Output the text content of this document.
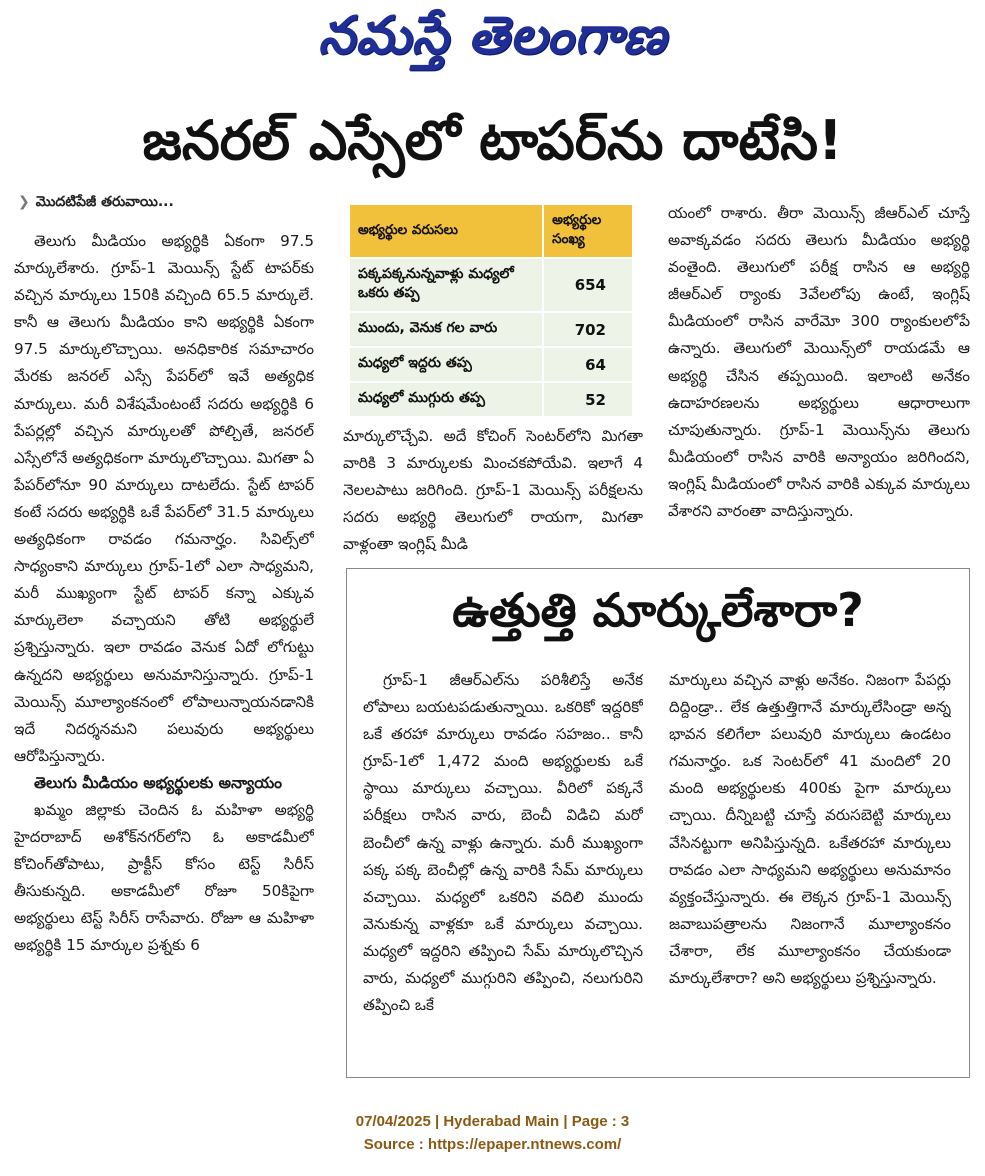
నమస్తే తెలంగాణ
జనరల్ ఎస్సేలో టాపర్‌ను దాటేసి!
❯ మొదటిపేజీ తరువాయి...

తెలుగు మీడియం అభ్యర్థికి ఏకంగా 97.5 మార్కులేశారు. గ్రూప్-1 మెయిన్స్ స్టేట్ టాపర్‌కు వచ్చిన మార్కులు 150కి వచ్చింది 65.5 మార్కులే. కానీ ఆ తెలుగు మీడియం కాని అభ్యర్థికి ఏకంగా 97.5 మార్కులొచ్చాయి. అనధికారిక సమాచారం మేరకు జనరల్ ఎస్సే పేపర్‌లో ఇవే అత్యధిక మార్కులు. మరీ విశేషమేంటంటే సదరు అభ్యర్థికి 6 పేపర్లల్లో వచ్చిన మార్కులతో పోల్చితే, జనరల్ ఎస్సేలోనే అత్యధికంగా మార్కులొచ్చాయి. మిగతా ఏ పేపర్‌లోనూ 90 మార్కులు దాటలేదు. స్టేట్ టాపర్ కంటే సదరు అభ్యర్థికి ఒకే పేపర్‌లో 31.5 మార్కులు అత్యధికంగా రావడం గమనార్హం. సివిల్స్‌లో సాధ్యంకాని మార్కులు గ్రూప్-1లో ఎలా సాధ్యమని, మరీ ముఖ్యంగా స్టేట్ టాపర్ కన్నా ఎక్కువ మార్కులెలా వచ్చాయని తోటి అభ్యర్థులే ప్రశ్నిస్తున్నారు. ఇలా రావడం వెనుక ఏదో లోగుట్టు ఉన్నదని అభ్యర్థులు అనుమానిస్తున్నారు. గ్రూప్-1 మెయిన్స్ మూల్యాంకనంలో లోపాలున్నాయనడానికి ఇదే నిదర్శనమని పలువురు అభ్యర్థులు ఆరోపిస్తున్నారు.

తెలుగు మీడియం అభ్యర్థులకు అన్యాయం

ఖమ్మం జిల్లాకు చెందిన ఓ మహిళా అభ్యర్థి హైదరాబాద్ అశోక్‌నగర్‌లోని ఓ అకాడమీలో కోచింగ్‌తోపాటు, ప్రాక్టీస్ కోసం టెస్ట్ సిరీస్ తీసుకున్నది. అకాడమీలో రోజూ 50కిపైగా అభ్యర్థులు టెస్ట్ సిరీస్ రాసేవారు. రోజూ ఆ మహిళా అభ్యర్థికి 15 మార్కుల ప్రశ్నకు 6

అభ్యర్థుల వరుసలు	అభ్యర్థుల సంఖ్య
పక్కపక్కనున్నవాళ్లు మధ్యలో ఒకరు తప్ప	654
ముందు, వెనుక గల వారు	702
మధ్యలో ఇద్దరు తప్ప	64
మధ్యలో ముగ్గురు తప్ప	52

మార్కులొచ్చేవి. అదే కోచింగ్ సెంటర్‌లోని మిగతా వారికి 3 మార్కులకు మించకపోయేవి. ఇలాగే 4 నెలలపాటు జరిగింది. గ్రూప్-1 మెయిన్స్ పరీక్షలను సదరు అభ్యర్థి తెలుగులో రాయగా, మిగతా వాళ్లంతా ఇంగ్లిష్ మీడి

యంలో రాశారు. తీరా మెయిన్స్ జీఆర్‌ఎల్ చూస్తే అవాక్కవడం సదరు తెలుగు మీడియం అభ్యర్థి వంతైంది. తెలుగులో పరీక్ష రాసిన ఆ అభ్యర్థి జీఆర్‌ఎల్ ర్యాంకు 3వేలలోపు ఉంటే, ఇంగ్లిష్ మీడియంలో రాసిన వారేమో 300 ర్యాంకులలోపే ఉన్నారు. తెలుగులో మెయిన్స్‌లో రాయడమే ఆ అభ్యర్థి చేసిన తప్పయింది. ఇలాంటి అనేకం ఉదాహరణలను అభ్యర్థులు ఆధారాలుగా చూపుతున్నారు. గ్రూప్-1 మెయిన్స్‌ను తెలుగు మీడియంలో రాసిన వారికి అన్యాయం జరిగిందని, ఇంగ్లిష్ మీడియంలో రాసిన వారికి ఎక్కువ మార్కులు వేశారని వారంతా వాదిస్తున్నారు.

ఉత్తుత్తి మార్కులేశారా?

గ్రూప్-1 జీఆర్‌ఎల్‌ను పరిశీలిస్తే అనేక లోపాలు బయటపడుతున్నాయి. ఒకరికో ఇద్దరికో ఒకే తరహా మార్కులు రావడం సహజం.. కానీ గ్రూప్-1లో 1,472 మంది అభ్యర్థులకు ఒకే స్థాయి మార్కులు వచ్చాయి. వీరిలో పక్కనే పరీక్షలు రాసిన వారు, బెంచీ విడిచి మరో బెంచీలో ఉన్న వాళ్లు ఉన్నారు. మరీ ముఖ్యంగా పక్క పక్క బెంచీల్లో ఉన్న వారికి సేమ్ మార్కులు వచ్చాయి. మధ్యలో ఒకరిని వదిలి ముందు వెనుకున్న వాళ్లకూ ఒకే మార్కులు వచ్చాయి. మధ్యలో ఇద్దరిని తప్పించి సేమ్ మార్కులొచ్చిన వారు, మధ్యలో ముగ్గురిని తప్పించి, నలుగురిని తప్పించి ఒకే

మార్కులు వచ్చిన వాళ్లు అనేకం. నిజంగా పేపర్లు దిద్దిండ్రా.. లేక ఉత్తుత్తిగానే మార్కులేసిండ్రా అన్న భావన కలిగేలా పలువురి మార్కులు ఉండటం గమనార్హం. ఒక సెంటర్‌లో 41 మందిలో 20 మంది అభ్యర్థులకు 400కు పైగా మార్కులు చ్చాయి. దీన్నిబట్టి చూస్తే వరుసబెట్టి మార్కులు వేసినట్టుగా అనిపిస్తున్నది. ఒకేతరహా మార్కులు రావడం ఎలా సాధ్యమని అభ్యర్థులు అనుమానం వ్యక్తంచేస్తున్నారు. ఈ లెక్కన గ్రూప్-1 మెయిన్స్ జవాబుపత్రాలను నిజంగానే మూల్యాంకనం చేశారా, లేక మూల్యాంకనం చేయకుండా మార్కులేశారా? అని అభ్యర్థులు ప్రశ్నిస్తున్నారు.

07/04/2025 | Hyderabad Main | Page : 3
Source : https://epaper.ntnews.com/
